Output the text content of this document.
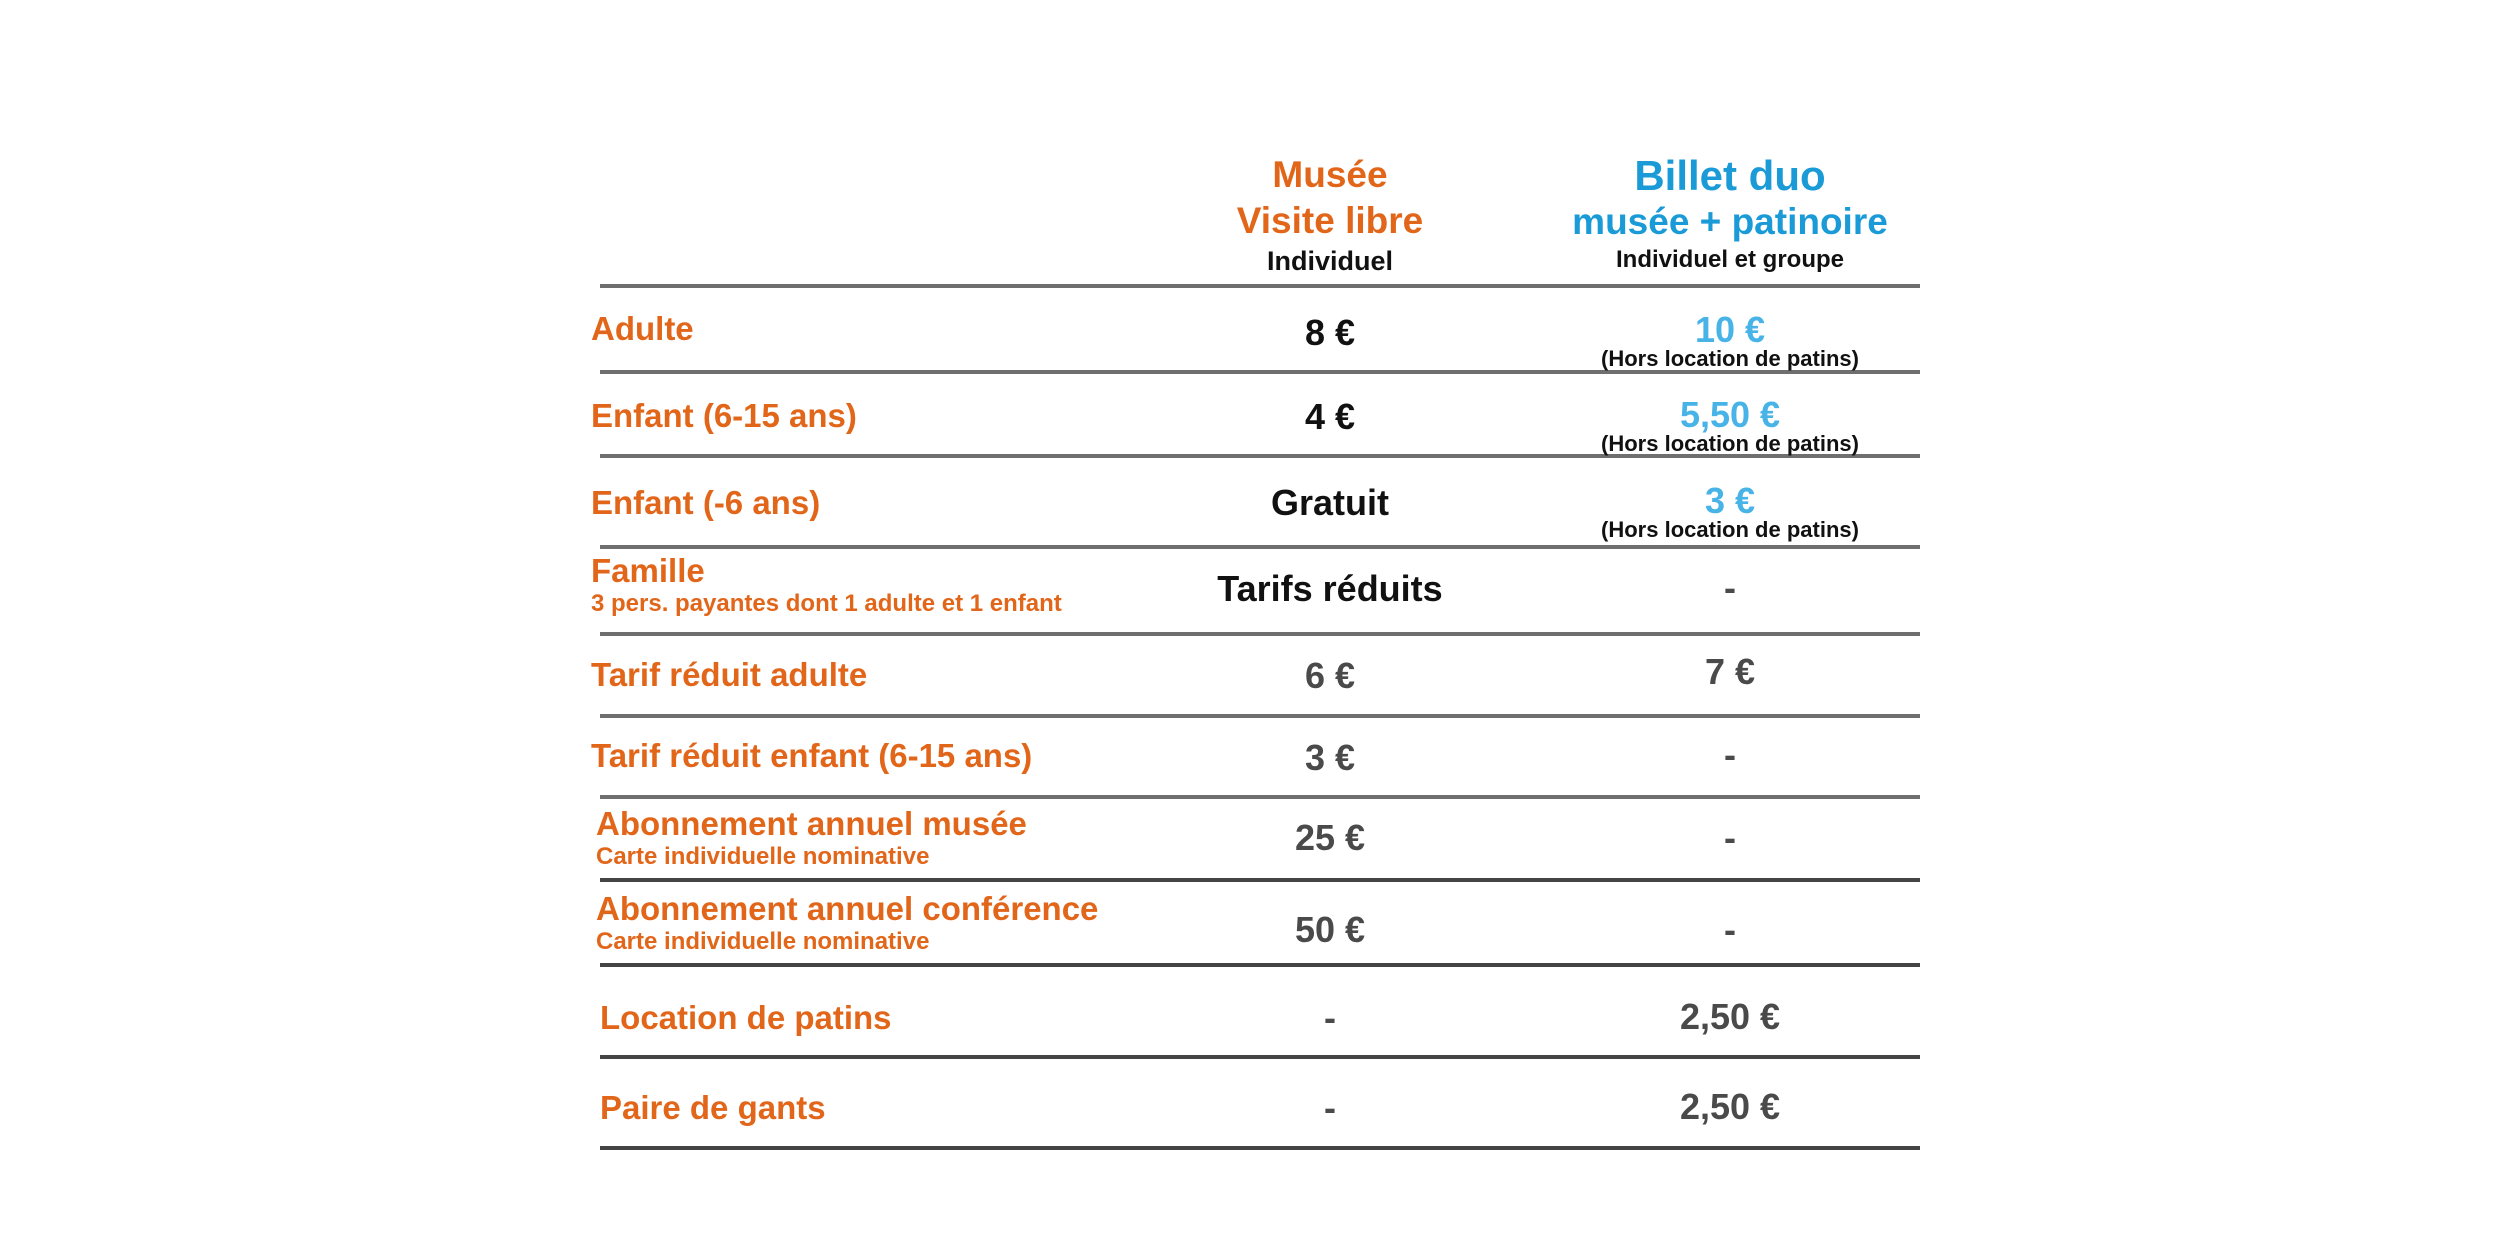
Musée
Visite libre
Individuel
Billet duo
musée + patinoire
Individuel et groupe
Adulte	8 €	10 €
(Hors location de patins)
Enfant (6-15 ans)	4 €	5,50 €
(Hors location de patins)
Enfant (-6 ans)	Gratuit	3 €
(Hors location de patins)
Famille
3 pers. payantes dont 1 adulte et 1 enfant	Tarifs réduits	-
Tarif réduit adulte	6 €	7 €
Tarif réduit enfant (6-15 ans)	3 €	-
Abonnement annuel musée
Carte individuelle nominative	25 €	-
Abonnement annuel conférence
Carte individuelle nominative	50 €	-
Location de patins	-	2,50 €
Paire de gants	-	2,50 €
